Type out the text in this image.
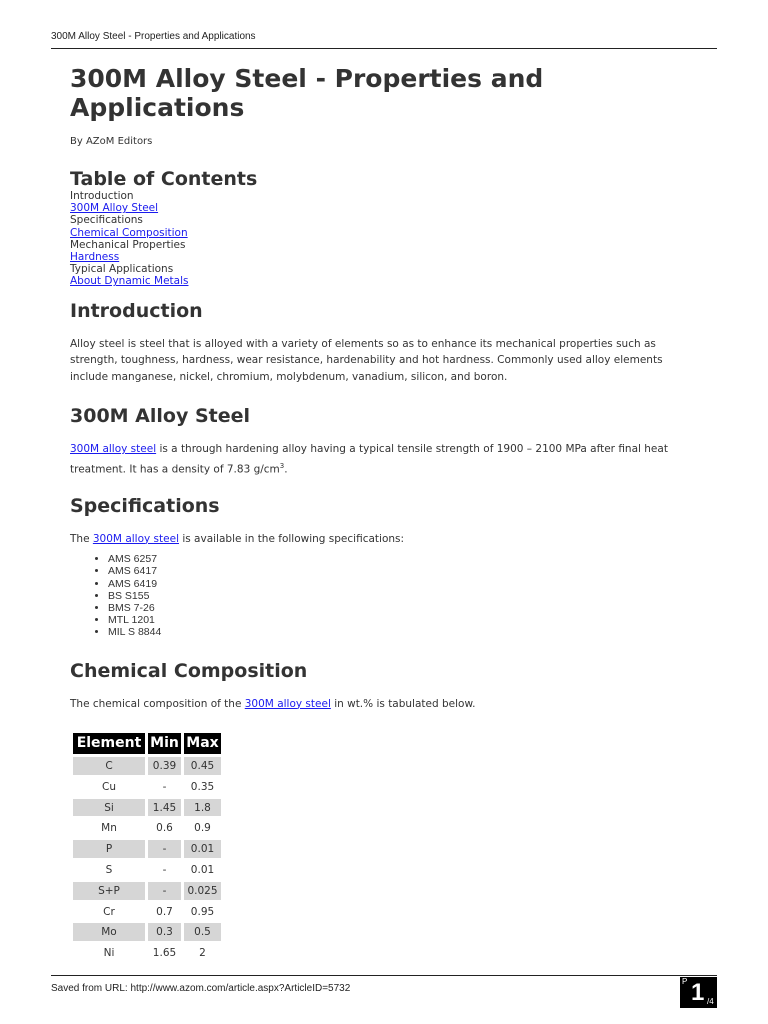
300M Alloy Steel - Properties and Applications
300M Alloy Steel - Properties and Applications

By AZoM Editors

Table of Contents
Introduction
300M Alloy Steel
Specifications
Chemical Composition
Mechanical Properties
Hardness
Typical Applications
About Dynamic Metals
Introduction

Alloy steel is steel that is alloyed with a variety of elements so as to enhance its mechanical properties such as strength, toughness, hardness, wear resistance, hardenability and hot hardness. Commonly used alloy elements include manganese, nickel, chromium, molybdenum, vanadium, silicon, and boron.

300M Alloy Steel

300M alloy steel is a through hardening alloy having a typical tensile strength of 1900 – 2100 MPa after final heat treatment. It has a density of 7.83 $g/cm^3$.

Specifications

The 300M alloy steel is available in the following specifications:

• AMS 6257
• AMS 6417
• AMS 6419
• BS S155
• BMS 7-26
• MTL 1201
• MIL S 8844
Chemical Composition

The chemical composition of the 300M alloy steel in wt.% is tabulated below.

Element	Min	Max
C	0.39	0.45
Cu	-	0.35
Si	1.45	1.8
Mn	0.6	0.9
P	-	0.01
S	-	0.01
S+P	-	0.025
Cr	0.7	0.95
Mo	0.3	0.5
Ni	1.65	2
Saved from URL: http://www.azom.com/article.aspx?ArticleID=5732
P 1 /4
